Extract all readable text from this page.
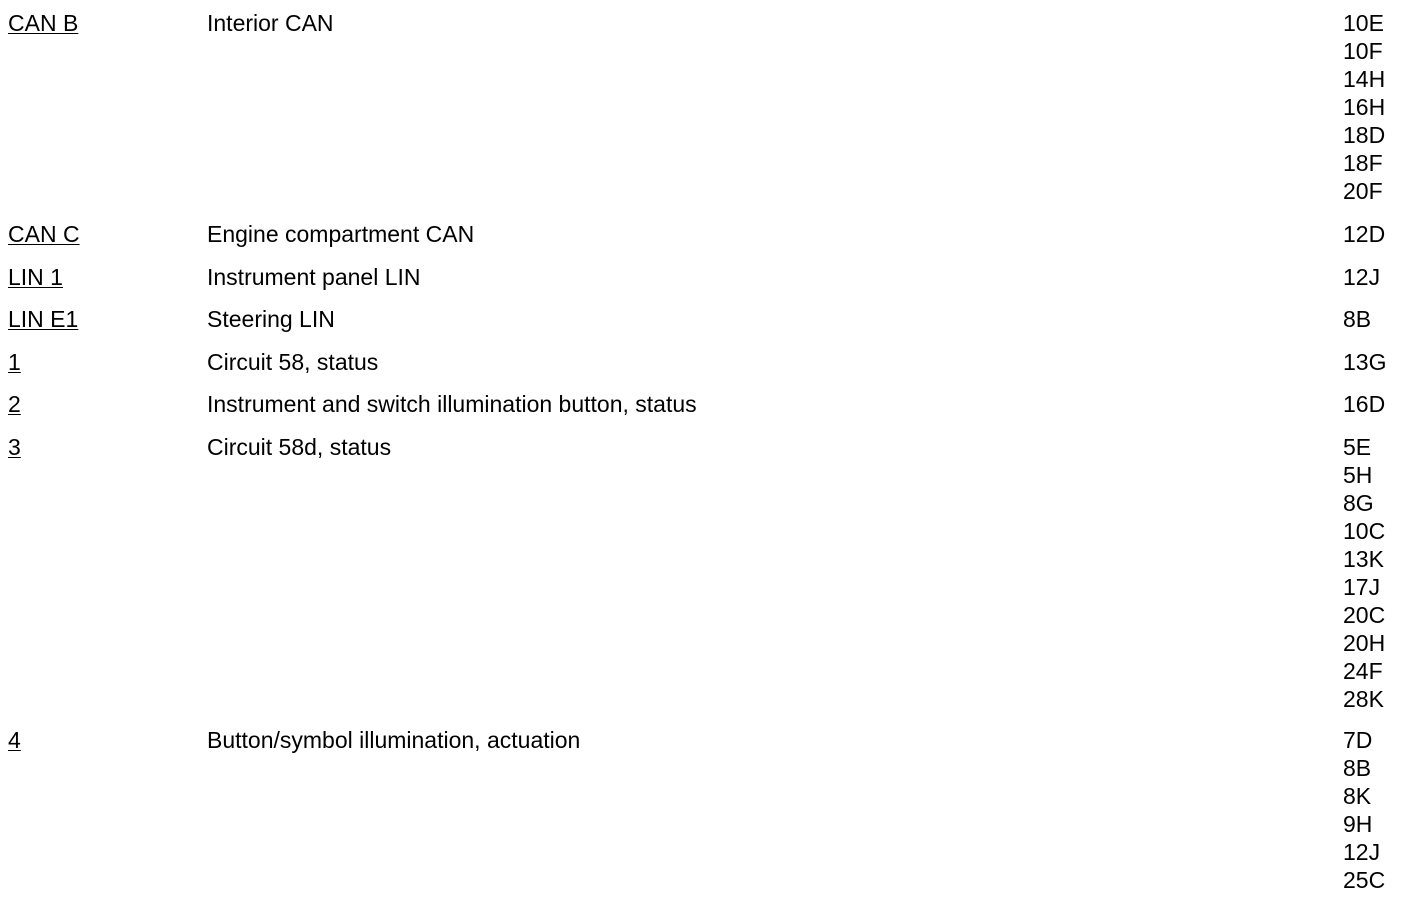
CAN B	Interior CAN	10E
10F
14H
16H
18D
18F
20F
CAN C	Engine compartment CAN	12D
LIN 1	Instrument panel LIN	12J
LIN E1	Steering LIN	8B
1	Circuit 58, status	13G
2	Instrument and switch illumination button, status	16D
3	Circuit 58d, status	5E
5H
8G
10C
13K
17J
20C
20H
24F
28K
4	Button/symbol illumination, actuation	7D
8B
8K
9H
12J
25C
